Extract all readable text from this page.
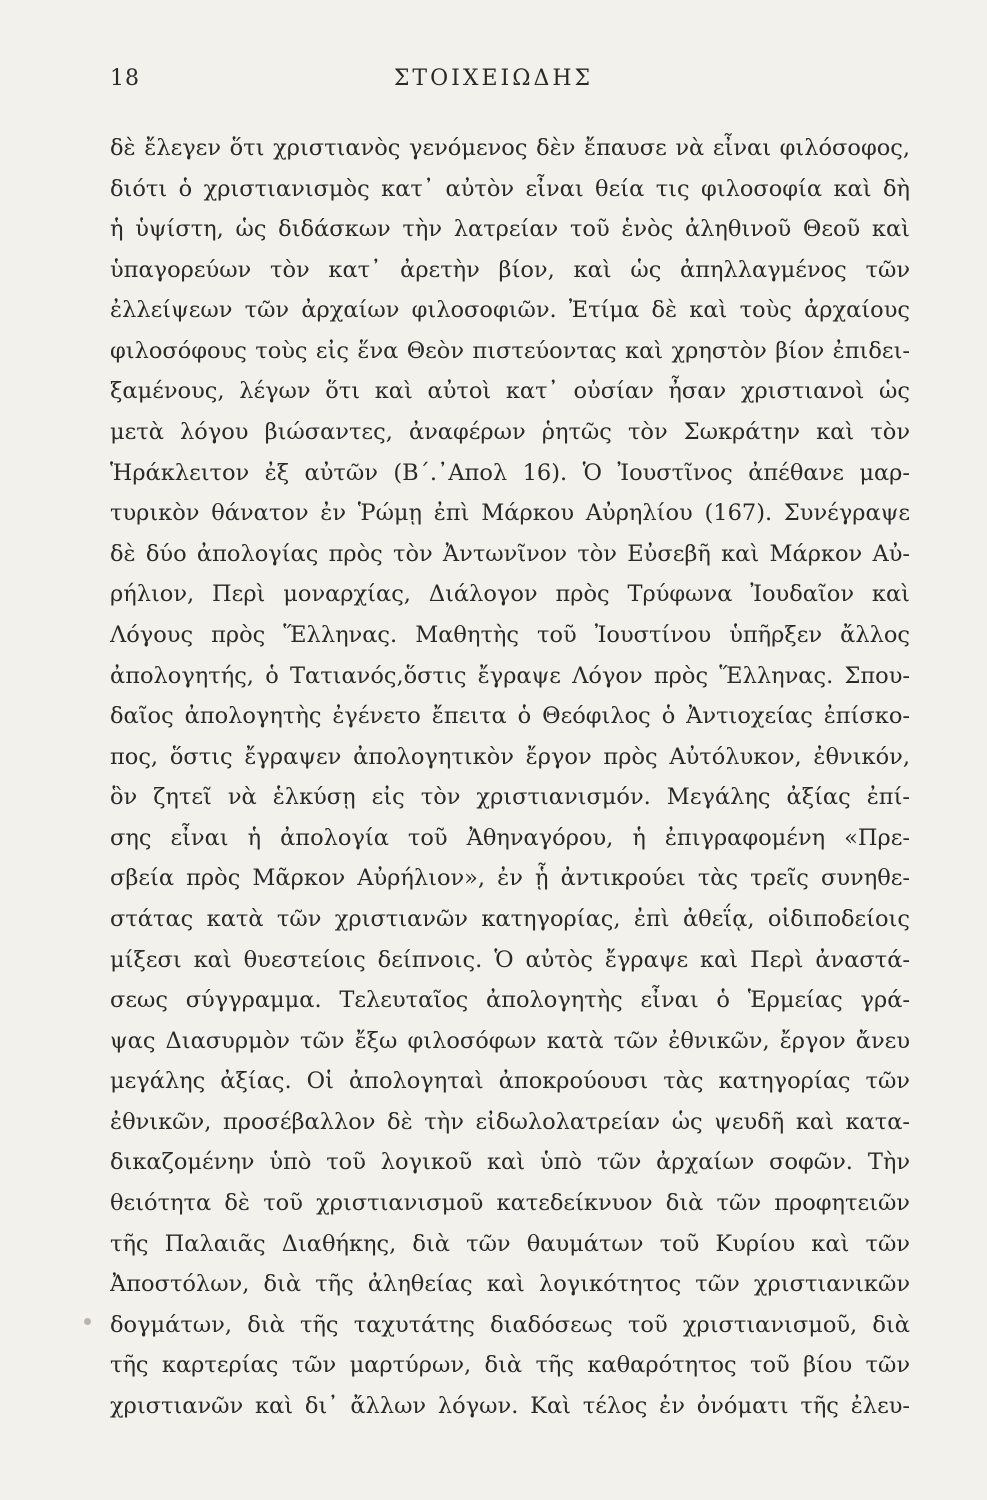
18	ΣΤΟΙΧΕΙΩΔΗΣ
δὲ ἔλεγεν ὅτι χριστιανὸς γενόμενος δὲν ἔπαυσε νὰ εἶναι φιλόσοφος,
διότι ὁ χριστιανισμὸς κατ᾽ αὐτὸν εἶναι θεία τις φιλοσοφία καὶ δὴ
ἡ ὑψίστη, ὡς διδάσκων τὴν λατρείαν τοῦ ἑνὸς ἀληθινοῦ Θεοῦ καὶ
ὑπαγορεύων τὸν κατ᾽ ἀρετὴν βίον, καὶ ὡς ἀπηλλαγμένος τῶν
ἐλλείψεων τῶν ἀρχαίων φιλοσοφιῶν. Ἐτίμα δὲ καὶ τοὺς ἀρχαίους
φιλοσόφους τοὺς εἰς ἕνα Θεὸν πιστεύοντας καὶ χρηστὸν βίον ἐπιδει-
ξαμένους, λέγων ὅτι καὶ αὐτοὶ κατ᾽ οὐσίαν ἦσαν χριστιανοὶ ὡς
μετὰ λόγου βιώσαντες, ἀναφέρων ῥητῶς τὸν Σωκράτην καὶ τὸν
Ἡράκλειτον ἐξ αὐτῶν (Β΄.᾽Απολ 16). Ὁ Ἰουστῖνος ἀπέθανε μαρ-
τυρικὸν θάνατον ἐν Ῥώμῃ ἐπὶ Μάρκου Αὐρηλίου (167). Συνέγραψε
δὲ δύο ἀπολογίας πρὸς τὸν Ἀντωνῖνον τὸν Εὐσεβῆ καὶ Μάρκον Αὐ-
ρήλιον, Περὶ μοναρχίας, Διάλογον πρὸς Τρύφωνα Ἰουδαῖον καὶ
Λόγους πρὸς Ἕλληνας. Μαθητὴς τοῦ Ἰουστίνου ὑπῆρξεν ἄλλος
ἀπολογητής, ὁ Τατιανός,ὅστις ἔγραψε Λόγον πρὸς Ἕλληνας. Σπου-
δαῖος ἀπολογητὴς ἐγένετο ἔπειτα ὁ Θεόφιλος ὁ Ἀντιοχείας ἐπίσκο-
πος, ὅστις ἔγραψεν ἀπολογητικὸν ἔργον πρὸς Αὐτόλυκον, ἐθνικόν,
ὃν ζητεῖ νὰ ἑλκύσῃ εἰς τὸν χριστιανισμόν. Μεγάλης ἀξίας ἐπί-
σης εἶναι ἡ ἀπολογία τοῦ Ἀθηναγόρου, ἡ ἐπιγραφομένη «Πρε-
σβεία πρὸς Μᾶρκον Αὐρήλιον», ἐν ᾗ ἀντικρούει τὰς τρεῖς συνηθε-
στάτας κατὰ τῶν χριστιανῶν κατηγορίας, ἐπὶ ἀθεΐᾳ, οἰδιποδείοις
μίξεσι καὶ θυεστείοις δείπνοις. Ὁ αὐτὸς ἔγραψε καὶ Περὶ ἀναστά-
σεως σύγγραμμα. Τελευταῖος ἀπολογητὴς εἶναι ὁ Ἑρμείας γρά-
ψας Διασυρμὸν τῶν ἔξω φιλοσόφων κατὰ τῶν ἐθνικῶν, ἔργον ἄνευ
μεγάλης ἀξίας. Οἱ ἀπολογηταὶ ἀποκρούουσι τὰς κατηγορίας τῶν
ἐθνικῶν, προσέβαλλον δὲ τὴν εἰδωλολατρείαν ὡς ψευδῆ καὶ κατα-
δικαζομένην ὑπὸ τοῦ λογικοῦ καὶ ὑπὸ τῶν ἀρχαίων σοφῶν. Τὴν
θειότητα δὲ τοῦ χριστιανισμοῦ κατεδείκνυον διὰ τῶν προφητειῶν
τῆς Παλαιᾶς Διαθήκης, διὰ τῶν θαυμάτων τοῦ Κυρίου καὶ τῶν
Ἀποστόλων, διὰ τῆς ἀληθείας καὶ λογικότητος τῶν χριστιανικῶν
δογμάτων, διὰ τῆς ταχυτάτης διαδόσεως τοῦ χριστιανισμοῦ, διὰ
τῆς καρτερίας τῶν μαρτύρων, διὰ τῆς καθαρότητος τοῦ βίου τῶν
χριστιανῶν καὶ δι᾽ ἄλλων λόγων. Καὶ τέλος ἐν ὀνόματι τῆς ἐλευ-
